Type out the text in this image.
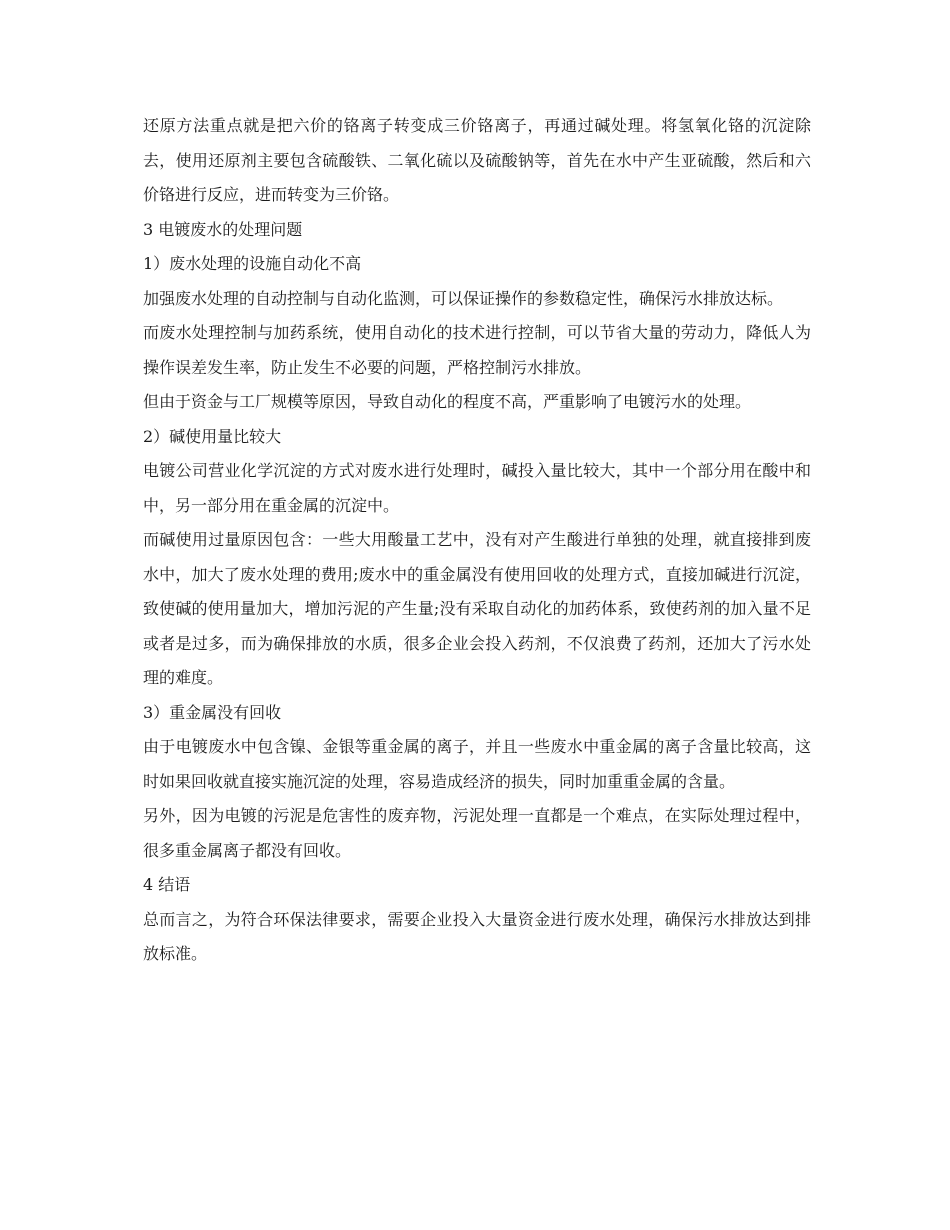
还原方法重点就是把六价的铬离子转变成三价铬离子，再通过碱处理。将氢氧化铬的沉淀除去，使用还原剂主要包含硫酸铁、二氧化硫以及硫酸钠等，首先在水中产生亚硫酸，然后和六价铬进行反应，进而转变为三价铬。

3 电镀废水的处理问题

1）废水处理的设施自动化不高

加强废水处理的自动控制与自动化监测，可以保证操作的参数稳定性，确保污水排放达标。

而废水处理控制与加药系统，使用自动化的技术进行控制，可以节省大量的劳动力，降低人为操作误差发生率，防止发生不必要的问题，严格控制污水排放。

但由于资金与工厂规模等原因，导致自动化的程度不高，严重影响了电镀污水的处理。

2）碱使用量比较大

电镀公司营业化学沉淀的方式对废水进行处理时，碱投入量比较大，其中一个部分用在酸中和中，另一部分用在重金属的沉淀中。

而碱使用过量原因包含：一些大用酸量工艺中，没有对产生酸进行单独的处理，就直接排到废水中，加大了废水处理的费用;废水中的重金属没有使用回收的处理方式，直接加碱进行沉淀，致使碱的使用量加大，增加污泥的产生量;没有采取自动化的加药体系，致使药剂的加入量不足或者是过多，而为确保排放的水质，很多企业会投入药剂，不仅浪费了药剂，还加大了污水处理的难度。

3）重金属没有回收

由于电镀废水中包含镍、金银等重金属的离子，并且一些废水中重金属的离子含量比较高，这时如果回收就直接实施沉淀的处理，容易造成经济的损失，同时加重重金属的含量。

另外，因为电镀的污泥是危害性的废弃物，污泥处理一直都是一个难点，在实际处理过程中，很多重金属离子都没有回收。

4 结语

总而言之，为符合环保法律要求，需要企业投入大量资金进行废水处理，确保污水排放达到排放标准。
